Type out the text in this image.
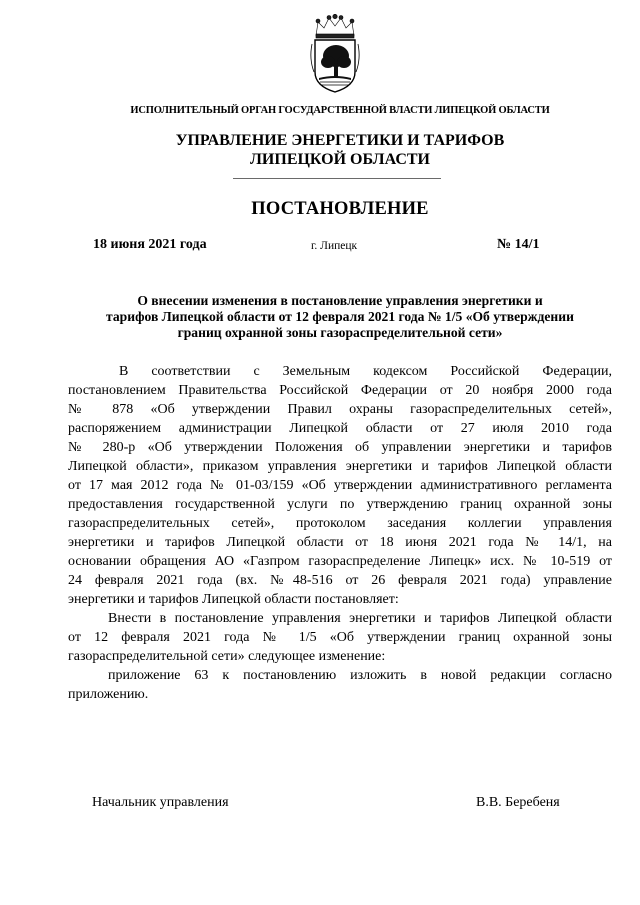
ИСПОЛНИТЕЛЬНЫЙ ОРГАН ГОСУДАРСТВЕННОЙ ВЛАСТИ ЛИПЕЦКОЙ ОБЛАСТИ
УПРАВЛЕНИЕ ЭНЕРГЕТИКИ И ТАРИФОВ
ЛИПЕЦКОЙ ОБЛАСТИ
ПОСТАНОВЛЕНИЕ
18 июня 2021 года	г. Липецк	№ 14/1
О внесении изменения в постановление управления энергетики и
тарифов Липецкой области от 12 февраля 2021 года № 1/5 «Об утверждении
границ охранной зоны газораспределительной сети»
В соответствии с Земельным кодексом Российской Федерации,
постановлением Правительства Российской Федерации от 20 ноября 2000 года
№ 878 «Об утверждении Правил охраны газораспределительных сетей»,
распоряжением администрации Липецкой области от 27 июля 2010 года
№ 280-р «Об утверждении Положения об управлении энергетики и тарифов
Липецкой области», приказом управления энергетики и тарифов Липецкой области
от 17 мая 2012 года № 01-03/159 «Об утверждении административного регламента
предоставления государственной услуги по утверждению границ охранной зоны
газораспределительных сетей», протоколом заседания коллегии управления
энергетики и тарифов Липецкой области от 18 июня 2021 года № 14/1, на
основании обращения АО «Газпром газораспределение Липецк» исх. № 10-519 от
24 февраля 2021 года (вх. №48-516 от 26 февраля 2021 года) управление
энергетики и тарифов Липецкой области постановляет:
Внести в постановление управления энергетики и тарифов Липецкой области
от 12 февраля 2021 года № 1/5 «Об утверждении границ охранной зоны
газораспределительной сети» следующее изменение:
приложение 63 к постановлению изложить в новой редакции согласно
приложению.
Начальник управления	В.В. Беребеня
